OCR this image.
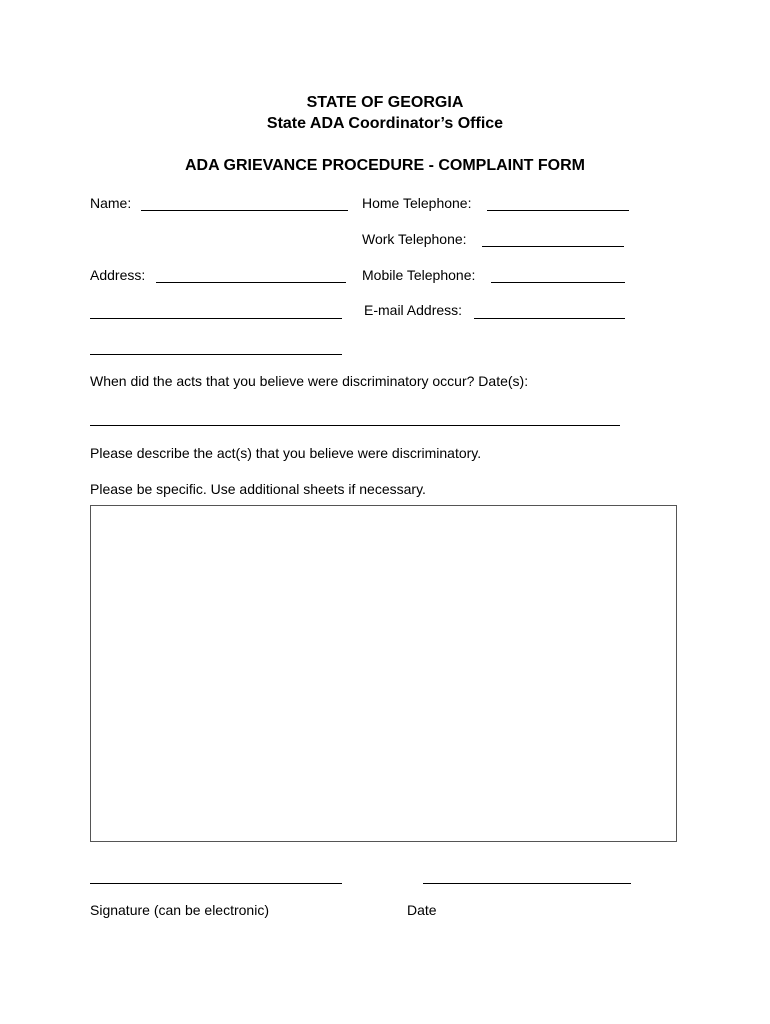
STATE OF GEORGIA
State ADA Coordinator’s Office
ADA GRIEVANCE PROCEDURE - COMPLAINT FORM
Name:	Home Telephone:
Work Telephone:
Address:	Mobile Telephone:
E-mail Address:
When did the acts that you believe were discriminatory occur? Date(s):
Please describe the act(s) that you believe were discriminatory.
Please be specific. Use additional sheets if necessary.
Signature (can be electronic)	Date
